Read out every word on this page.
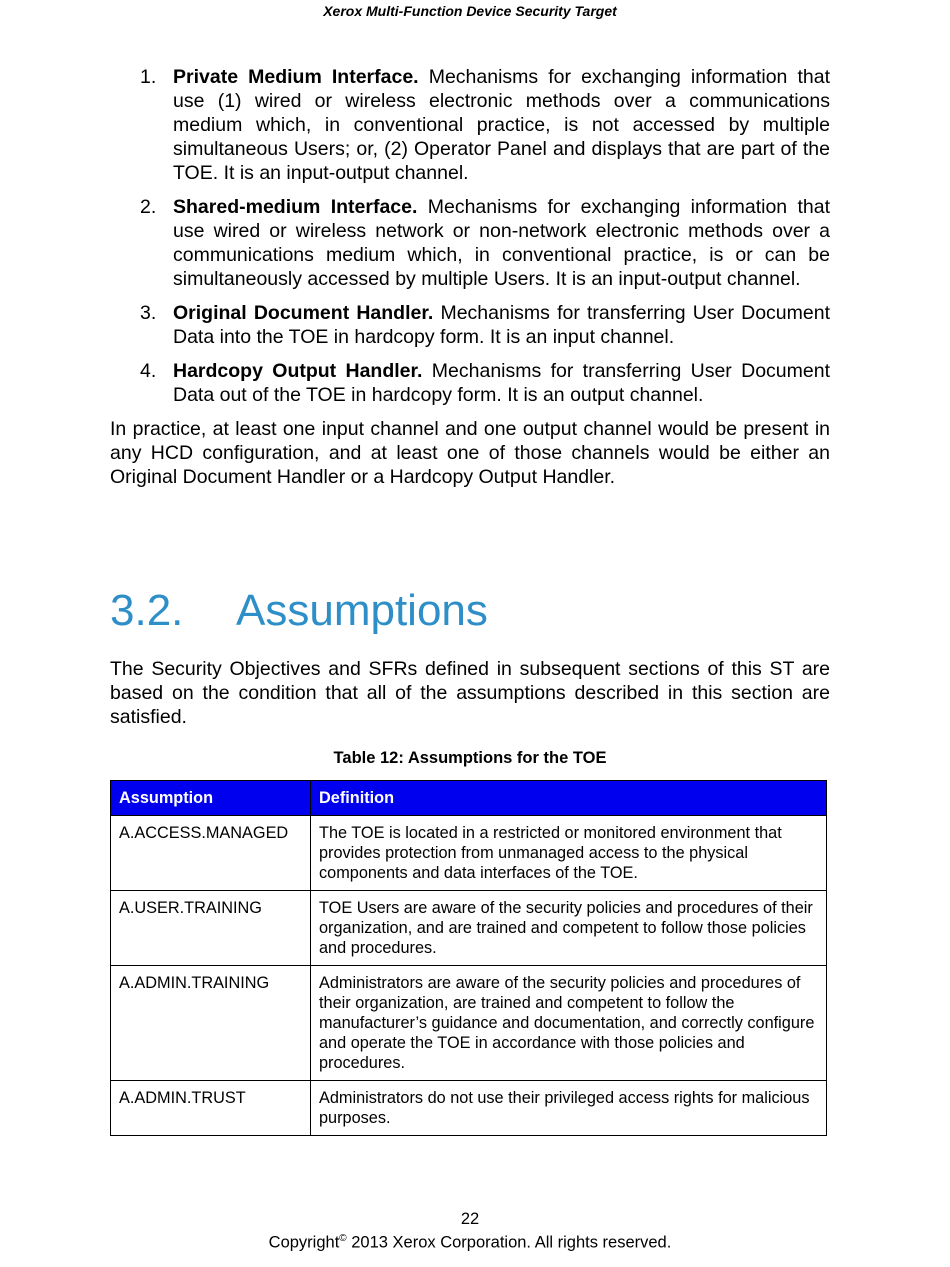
Xerox Multi-Function Device Security Target
1. Private Medium Interface. Mechanisms for exchanging information that use (1) wired or wireless electronic methods over a communications medium which, in conventional practice, is not accessed by multiple simultaneous Users; or, (2) Operator Panel and displays that are part of the TOE. It is an input-output channel.
2. Shared-medium Interface. Mechanisms for exchanging information that use wired or wireless network or non-network electronic methods over a communications medium which, in conventional practice, is or can be simultaneously accessed by multiple Users. It is an input-output channel.
3. Original Document Handler. Mechanisms for transferring User Document Data into the TOE in hardcopy form. It is an input channel.
4. Hardcopy Output Handler. Mechanisms for transferring User Document Data out of the TOE in hardcopy form. It is an output channel.

In practice, at least one input channel and one output channel would be present in any HCD configuration, and at least one of those channels would be either an Original Document Handler or a Hardcopy Output Handler.

3.2. Assumptions

The Security Objectives and SFRs defined in subsequent sections of this ST are based on the condition that all of the assumptions described in this section are satisfied.

Table 12: Assumptions for the TOE
Assumption	Definition
A.ACCESS.MANAGED	The TOE is located in a restricted or monitored environment that provides protection from unmanaged access to the physical components and data interfaces of the TOE.
A.USER.TRAINING	TOE Users are aware of the security policies and procedures of their organization, and are trained and competent to follow those policies and procedures.
A.ADMIN.TRAINING	Administrators are aware of the security policies and procedures of their organization, are trained and competent to follow the manufacturer’s guidance and documentation, and correctly configure and operate the TOE in accordance with those policies and procedures.
A.ADMIN.TRUST	Administrators do not use their privileged access rights for malicious purposes.
22
Copyright© 2013 Xerox Corporation. All rights reserved.
